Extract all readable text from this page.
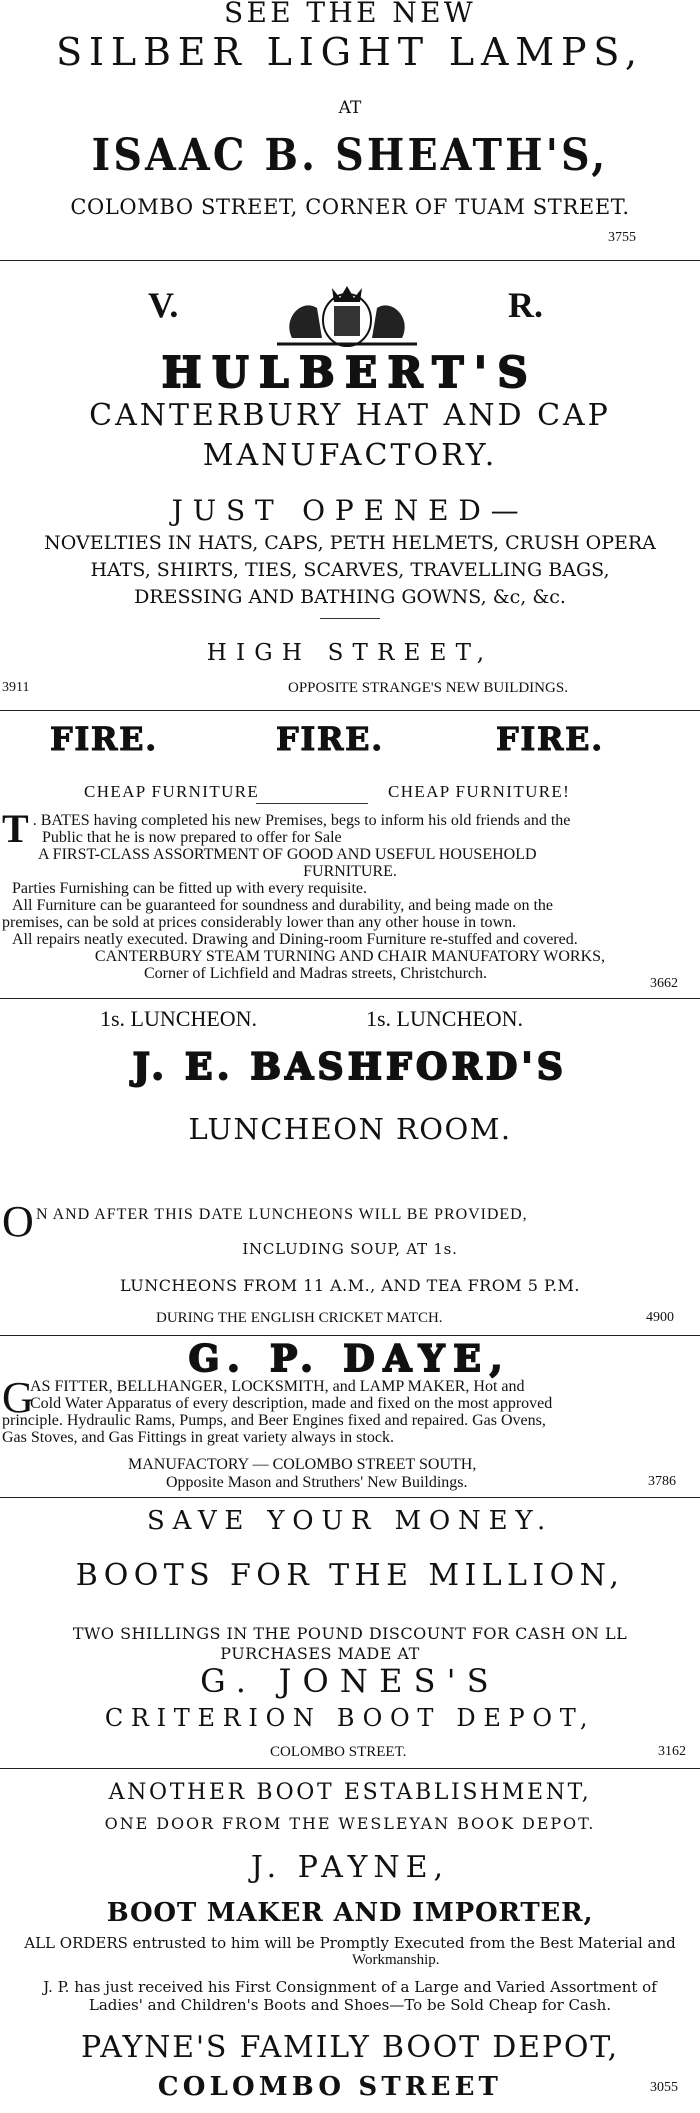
SEE THE NEW
SILBER LIGHT LAMPS,
AT
ISAAC B. SHEATH'S,
COLOMBO STREET, CORNER OF TUAM STREET.
3755
V.	R.
HULBERT'S
CANTERBURY HAT AND CAP
MANUFACTORY.
JUST OPENED—
NOVELTIES IN HATS, CAPS, PETH HELMETS, CRUSH OPERA
HATS, SHIRTS, TIES, SCARVES, TRAVELLING BAGS,
DRESSING AND BATHING GOWNS, &c, &c.
HIGH STREET,
3911	OPPOSITE STRANGE'S NEW BUILDINGS.
FIRE.	FIRE.	FIRE.
CHEAP FURNITURE	CHEAP FURNITURE!
T . BATES having completed his new Premises, begs to inform his old friends and the
Public that he is now prepared to offer for Sale
A FIRST-CLASS ASSORTMENT OF GOOD AND USEFUL HOUSEHOLD
FURNITURE.
Parties Furnishing can be fitted up with every requisite.
All Furniture can be guaranteed for soundness and durability, and being made on the
premises, can be sold at prices considerably lower than any other house in town.
All repairs neatly executed. Drawing and Dining-room Furniture re-stuffed and covered.
CANTERBURY STEAM TURNING AND CHAIR MANUFATORY WORKS,
Corner of Lichfield and Madras streets, Christchurch.
3662
1s. LUNCHEON.	1s. LUNCHEON.
J. E. BASHFORD'S
LUNCHEON ROOM.
O N AND AFTER THIS DATE LUNCHEONS WILL BE PROVIDED,
INCLUDING SOUP, AT 1s.
LUNCHEONS FROM 11 A.M., AND TEA FROM 5 P.M.
DURING THE ENGLISH CRICKET MATCH.	4900
G. P. DAYE,
G
AS FITTER, BELLHANGER, LOCKSMITH, and LAMP MAKER, Hot and
Cold Water Apparatus of every description, made and fixed on the most approved
principle. Hydraulic Rams, Pumps, and Beer Engines fixed and repaired. Gas Ovens,
Gas Stoves, and Gas Fittings in great variety always in stock.
MANUFACTORY — COLOMBO STREET SOUTH,
Opposite Mason and Struthers' New Buildings.	3786
SAVE YOUR MONEY.
BOOTS FOR THE MILLION,
TWO SHILLINGS IN THE POUND DISCOUNT FOR CASH ON LL
PURCHASES MADE AT
G. JONES'S
CRITERION BOOT DEPOT,
COLOMBO STREET.	3162
ANOTHER BOOT ESTABLISHMENT,
ONE DOOR FROM THE WESLEYAN BOOK DEPOT.
J. PAYNE,
BOOT MAKER AND IMPORTER,
ALL ORDERS entrusted to him will be Promptly Executed from the Best Material and
Workmanship.
J. P. has just received his First Consignment of a Large and Varied Assortment of
Ladies' and Children's Boots and Shoes—To be Sold Cheap for Cash.
PAYNE'S FAMILY BOOT DEPOT,
COLOMBO STREET	3055
